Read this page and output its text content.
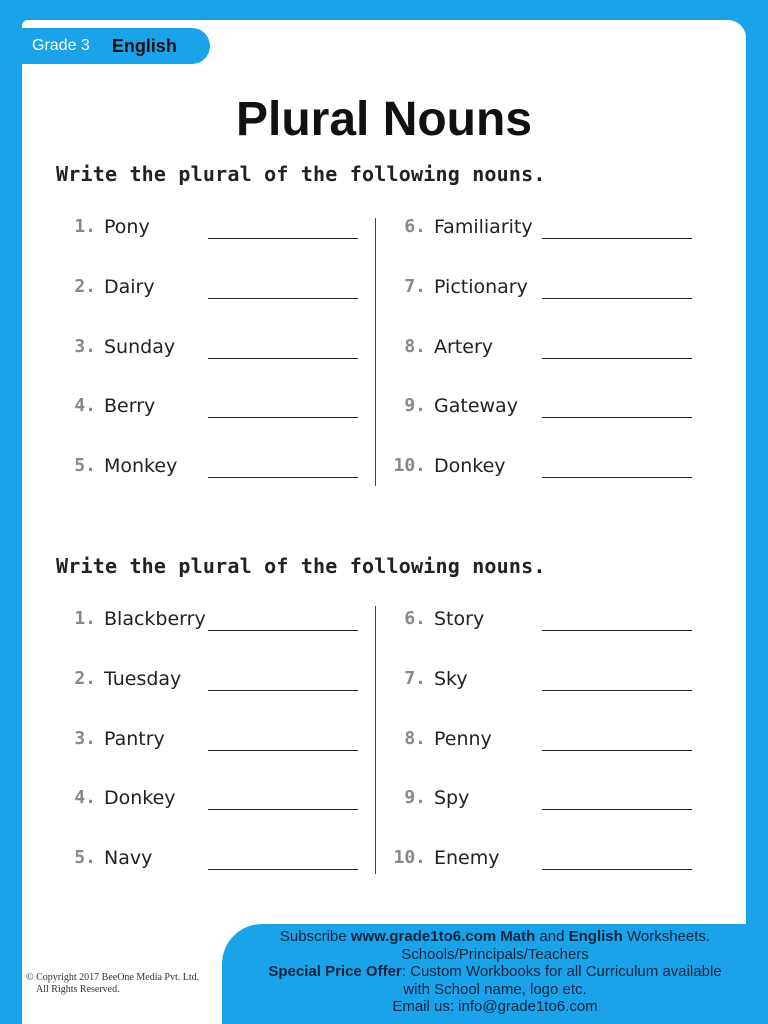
Grade 3 English
Plural Nouns
Write the plural of the following nouns.
Write the plural of the following nouns.
1. Pony
2. Dairy
3. Sunday
4. Berry
5. Monkey
6. Familiarity
7. Pictionary
8. Artery
9. Gateway
10. Donkey
1. Blackberry
2. Tuesday
3. Pantry
4. Donkey
5. Navy
6. Story
7. Sky
8. Penny
9. Spy
10. Enemy
Subscribe www.grade1to6.com Math and English Worksheets.
Schools/Principals/Teachers
Special Price Offer: Custom Workbooks for all Curriculum available
with School name, logo etc.
Email us: info@grade1to6.com
© Copyright 2017 BeeOne Media Pvt. Ltd.
All Rights Reserved.
